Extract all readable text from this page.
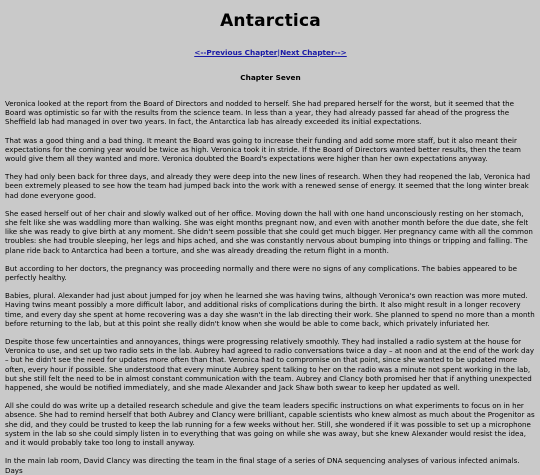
Antarctica
<--Previous Chapter|Next Chapter-->
Chapter Seven

Veronica looked at the report from the Board of Directors and nodded to herself. She had prepared herself for the worst, but it seemed that the Board was optimistic so far with the results from the science team. In less than a year, they had already passed far ahead of the progress the Sheffield lab had managed in over two years. In fact, the Antarctica lab has already exceeded its initial expectations.

That was a good thing and a bad thing. It meant the Board was going to increase their funding and add some more staff, but it also meant their expectations for the coming year would be twice as high. Veronica took it in stride. If the Board of Directors wanted better results, then the team would give them all they wanted and more. Veronica doubted the Board's expectations were higher than her own expectations anyway.

They had only been back for three days, and already they were deep into the new lines of research. When they had reopened the lab, Veronica had been extremely pleased to see how the team had jumped back into the work with a renewed sense of energy. It seemed that the long winter break had done everyone good.

She eased herself out of her chair and slowly walked out of her office. Moving down the hall with one hand unconsciously resting on her stomach, she felt like she was waddling more than walking. She was eight months pregnant now, and even with another month before the due date, she felt like she was ready to give birth at any moment. She didn't seem possible that she could get much bigger. Her pregnancy came with all the common troubles: she had trouble sleeping, her legs and hips ached, and she was constantly nervous about bumping into things or tripping and falling. The plane ride back to Antarctica had been a torture, and she was already dreading the return flight in a month.

But according to her doctors, the pregnancy was proceeding normally and there were no signs of any complications. The babies appeared to be perfectly healthy.

Babies, plural. Alexander had just about jumped for joy when he learned she was having twins, although Veronica's own reaction was more muted. Having twins meant possibly a more difficult labor, and additional risks of complications during the birth. It also might result in a longer recovery time, and every day she spent at home recovering was a day she wasn't in the lab directing their work. She planned to spend no more than a month before returning to the lab, but at this point she really didn't know when she would be able to come back, which privately infuriated her.

Despite those few uncertainties and annoyances, things were progressing relatively smoothly. They had installed a radio system at the house for Veronica to use, and set up two radio sets in the lab. Aubrey had agreed to radio conversations twice a day – at noon and at the end of the work day – but he didn't see the need for updates more often than that. Veronica had to compromise on that point, since she wanted to be updated more often, every hour if possible. She understood that every minute Aubrey spent talking to her on the radio was a minute not spent working in the lab, but she still felt the need to be in almost constant communication with the team. Aubrey and Clancy both promised her that if anything unexpected happened, she would be notified immediately, and she made Alexander and Jack Shaw both swear to keep her updated as well.

All she could do was write up a detailed research schedule and give the team leaders specific instructions on what experiments to focus on in her absence. She had to remind herself that both Aubrey and Clancy were brilliant, capable scientists who knew almost as much about the Progenitor as she did, and they could be trusted to keep the lab running for a few weeks without her. Still, she wondered if it was possible to set up a microphone system in the lab so she could simply listen in to everything that was going on while she was away, but she knew Alexander would resist the idea, and it would probably take too long to install anyway.

In the main lab room, David Clancy was directing the team in the final stage of a series of DNA sequencing analyses of various infected animals. Days
